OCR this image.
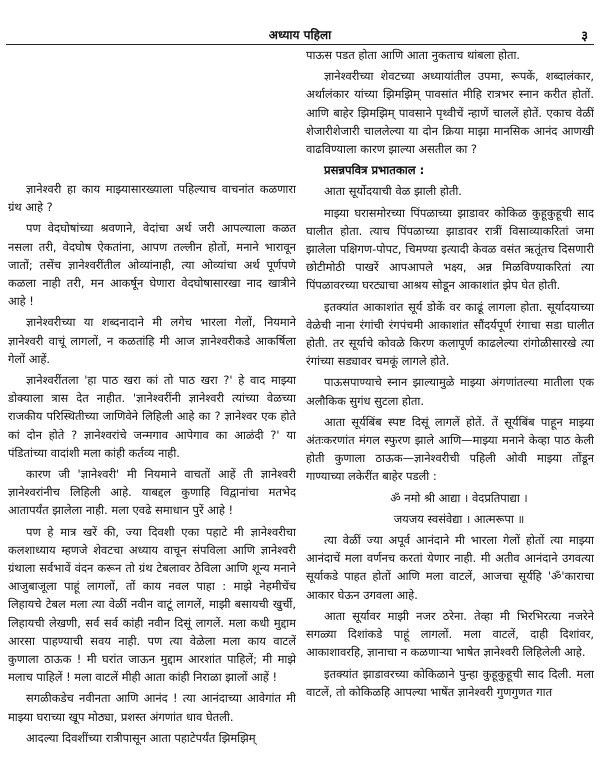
अध्याय पहिला	३

ज्ञानेश्वरी हा काय माझ्यासारख्याला पहिल्याच वाचनांत कळणारा ग्रंथ आहे ?

पण वेदघोषांच्या श्रवणाने, वेदांचा अर्थ जरी आपल्याला कळत नसला तरी, वेदघोष ऐकतांना, आपण तल्लीन होतों, मनाने भारावून जातों; तसेंच ज्ञानेश्वरींतील ओव्यांनाही, त्या ओव्यांचा अर्थ पूर्णपणे कळला नाही तरी, मन आकर्षून घेणारा वेदघोषासारखा नाद खात्रीने आहे !

ज्ञानेश्वरीच्या या शब्दनादाने मी लगेच भारला गेलों, नियमाने ज्ञानेश्वरी वाचूं लागलों, न कळतांहि मी आज ज्ञानेश्वरीकडे आकर्षिला गेलों आहें.

ज्ञानेश्वरींतला 'हा पाठ खरा कां तो पाठ खरा ?' हे वाद माझ्या डोक्याला त्रास देत नाहीत. 'ज्ञानेश्वरींनी ज्ञानेश्वरी त्यांच्या वेळच्या राजकीय परिस्थितीच्या जाणिवेने लिहिली आहे का ? ज्ञानेश्वर एक होते कां दोन होते ? ज्ञानेश्वरांचे जन्मगाव आपेगाव का आळंदी ?' या पंडितांच्या वादांशी मला कांही कर्तव्य नाही.

कारण जी 'ज्ञानेश्वरी' मी नियमाने वाचतों आहें ती ज्ञानेश्वरी ज्ञानेश्वरांनीच लिहिली आहे. याबद्दल कुणाहि विद्वानांचा मतभेद आतापर्यंत झालेला नाही. मला एवढे समाधान पुरें आहे !

पण हे मात्र खरें की, ज्या दिवशी एका पहाटे मी ज्ञानेश्वरीचा कलशाध्याय म्हणजे शेवटचा अध्याय वाचून संपविला आणि ज्ञानेश्वरी ग्रंथाला सर्वभावें वंदन करून तो ग्रंथ टेबलावर ठेविला आणि शून्य मनाने आजुबाजूला पाहूं लागलों, तों काय नवल पाहा : माझे नेहमीचेंच लिहायचे टेबल मला त्या वेळीं नवीन वाटूं लागलें, माझी बसायची खुर्ची, लिहायची लेखणी, सर्व सर्व कांही नवीन दिसूं लागलें. मला कधी मुद्दाम आरसा पाहण्याची सवय नाही. पण त्या वेळेला मला काय वाटलें कुणाला ठाऊक ! मी घरांत जाऊन मुद्दाम आरशांत पाहिलें; मी माझे मलाच पाहिलें ! मला वाटलें मीही आता कांही निराळा झालों आहें !

सगळीकडेच नवीनता आणि आनंद ! त्या आनंदाच्या आवेगांत मी माझ्या घराच्या खूप मोठ्या, प्रशस्त अंगणांत धाव घेतली.

आदल्या दिवशींच्या रात्रीपासून आता पहाटेपर्यंत झिमझिम्

पाऊस पडत होता आणि आता नुकताच थांबला होता.

ज्ञानेश्वरीच्या शेवटच्या अध्यायांतील उपमा, रूपकें, शब्दालंकार, अर्थालंकार यांच्या झिमझिम् पावसांत मीहि रात्रभर स्नान करीत होतों. आणि बाहेर झिमझिम् पावसाने पृथ्वीचें न्हाणें चाललें होतें. एकाच वेळीं शेजारीशेजारी चाललेल्या या दोन क्रिया माझा मानसिक आनंद आणखी वाढविण्याला कारण झाल्या असतील का ?

प्रसन्नपवित्र प्रभातकाल :

आता सूर्योदयाची वेळ झाली होती.

माझ्या घरासमोरच्या पिंपळाच्या झाडावर कोकिळ कुहूकुहूची साद घालीत होता. त्याच पिंपळाच्या झाडावर रात्रीं विसाव्याकरितां जमा झालेला पक्षिगण-पोपट, चिमण्या इत्यादी केवळ वसंत ऋतूंतच दिसणारी छोटीमोठी पाखरें आपआपले भक्ष्य, अन्न मिळविण्याकरितां त्या पिंपळावरच्या घरट्याचा आश्रय सोडून आकाशांत झेप घेत होती.

इतक्यांत आकाशांत सूर्य डोकें वर काढूं लागला होता. सूर्यादयाच्या वेळेची नाना रंगांची रंगपंचमी आकाशांत सौंदर्यपूर्ण रंगाचा सडा घालीत होती. तर सूर्याचे कोवळे किरण कलापूर्ण काढलेल्या रांगोळीसारखे त्या रंगांच्या सड्यावर चमकूं लागले होते.

पाऊसपाण्याचे स्नान झाल्यामुळे माझ्या अंगणांतल्या मातीला एक अलौकिक सुगंध सुटला होता.

आता सूर्यबिंब स्पष्ट दिसूं लागलें होतें. तें सूर्यबिंब पाहून माझ्या अंतःकरणांत मंगल स्फुरण झाले आणि—माझ्या मनाने केव्हा पाठ केली होती कुणाला ठाऊक—ज्ञानेश्वरीची पहिली ओवी माझ्या तोंडून गाण्याच्या लकेरींत बाहेर पडली :

ॐ नमो श्री आद्या । वेदप्रतिपाद्या ।

जयजय स्वसंवेद्या । आत्मरूपा ॥

त्या वेळीं ज्या अपूर्व आनंदाने मी भारला गेलों होतों त्या माझ्या आनंदाचें मला वर्णनच करतां येणार नाही. मी अतीव आनंदाने उगवत्या सूर्याकडे पाहत होतों आणि मला वाटलें, आजचा सूर्यहि 'ॐ'काराचा आकार घेऊन उगवला आहे.

आता सूर्यावर माझी नजर ठरेना. तेव्हा मी भिरभिरत्या नजरेने सगळ्या दिशांकडे पाहूं लागलों. मला वाटलें, दाही दिशांवर, आकाशावरहि, ज्ञानाचा न कळणाऱ्या भाषेत ज्ञानेश्वरी लिहिलेली आहे.

इतक्यांत झाडावरच्या कोकिळाने पुन्हा कुहूकुहूची साद दिली. मला वाटलें, तो कोकिळहि आपल्या भाषेंत ज्ञानेश्वरी गुणगुणत गात
